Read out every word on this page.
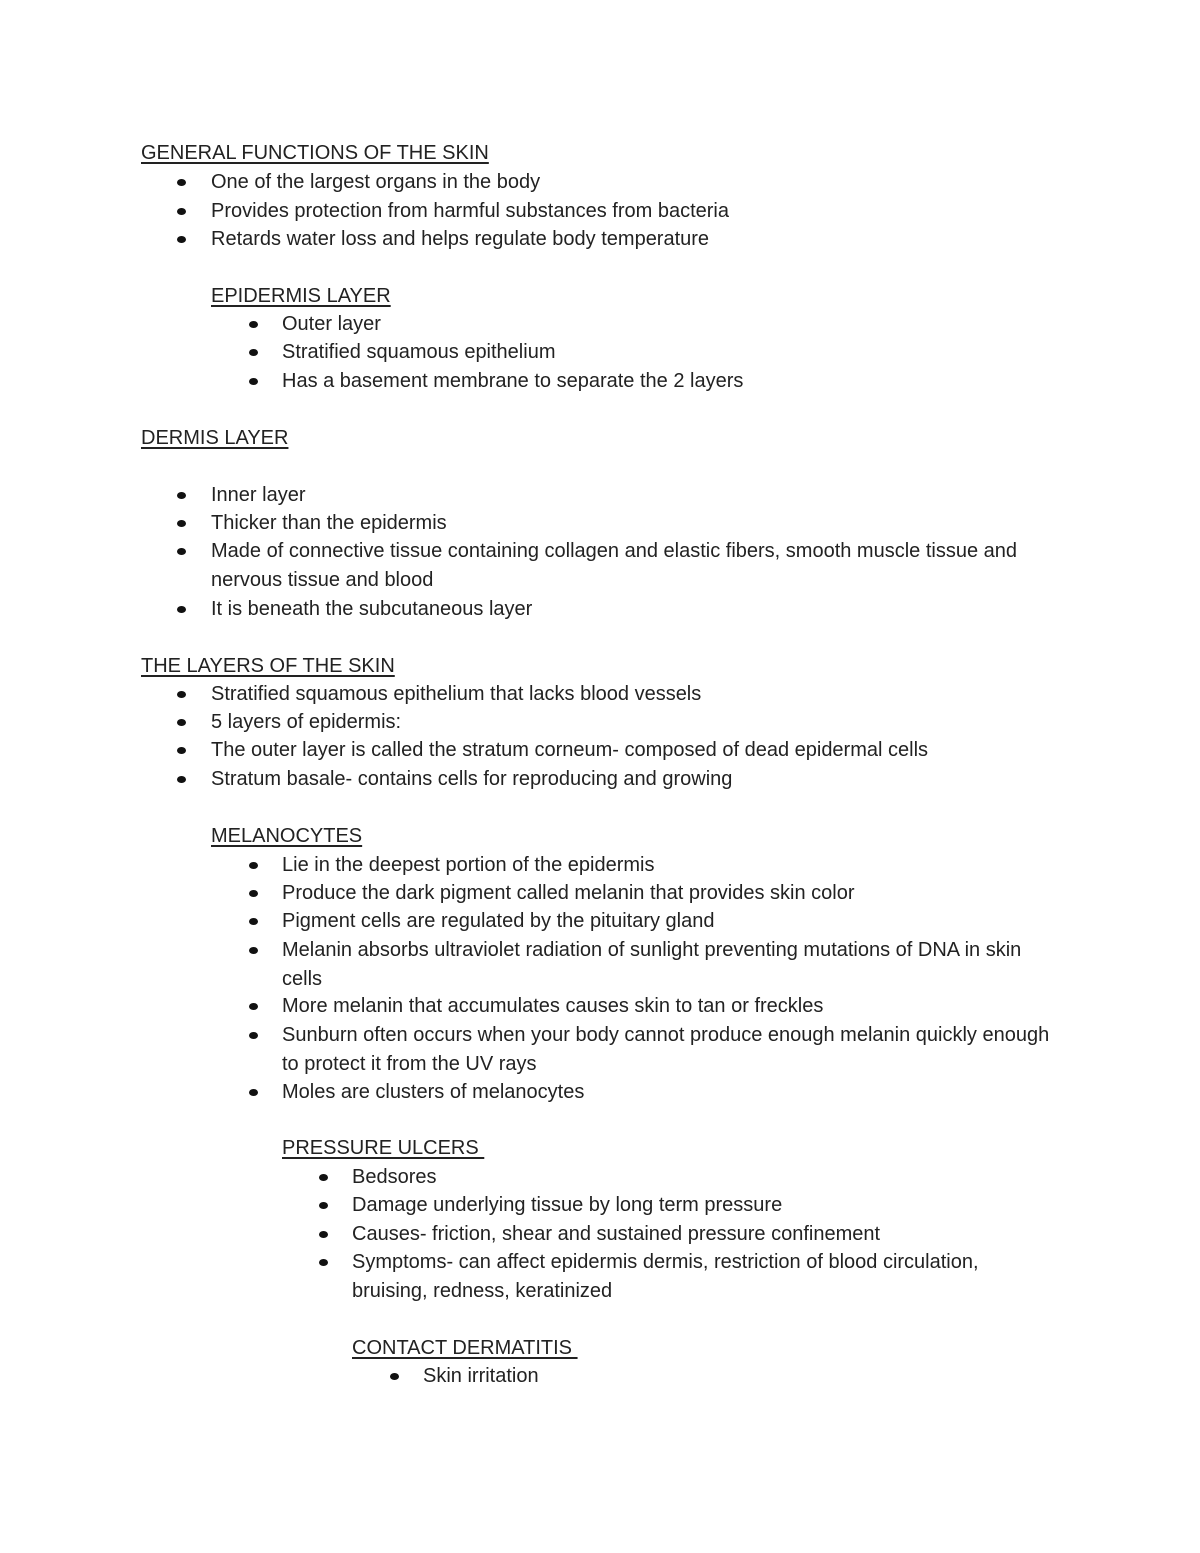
GENERAL FUNCTIONS OF THE SKIN
One of the largest organs in the body
Provides protection from harmful substances from bacteria
Retards water loss and helps regulate body temperature
EPIDERMIS LAYER
Outer layer
Stratified squamous epithelium
Has a basement membrane to separate the 2 layers
DERMIS LAYER
Inner layer
Thicker than the epidermis
Made of connective tissue containing collagen and elastic fibers, smooth muscle tissue and nervous tissue and blood
It is beneath the subcutaneous layer
THE LAYERS OF THE SKIN
Stratified squamous epithelium that lacks blood vessels
5 layers of epidermis:
The outer layer is called the stratum corneum- composed of dead epidermal cells
Stratum basale- contains cells for reproducing and growing
MELANOCYTES
Lie in the deepest portion of the epidermis
Produce the dark pigment called melanin that provides skin color
Pigment cells are regulated by the pituitary gland
Melanin absorbs ultraviolet radiation of sunlight preventing mutations of DNA in skin cells
More melanin that accumulates causes skin to tan or freckles
Sunburn often occurs when your body cannot produce enough melanin quickly enough to protect it from the UV rays
Moles are clusters of melanocytes
PRESSURE ULCERS
Bedsores
Damage underlying tissue by long term pressure
Causes- friction, shear and sustained pressure confinement
Symptoms- can affect epidermis dermis, restriction of blood circulation, bruising, redness, keratinized
CONTACT DERMATITIS
Skin irritation
